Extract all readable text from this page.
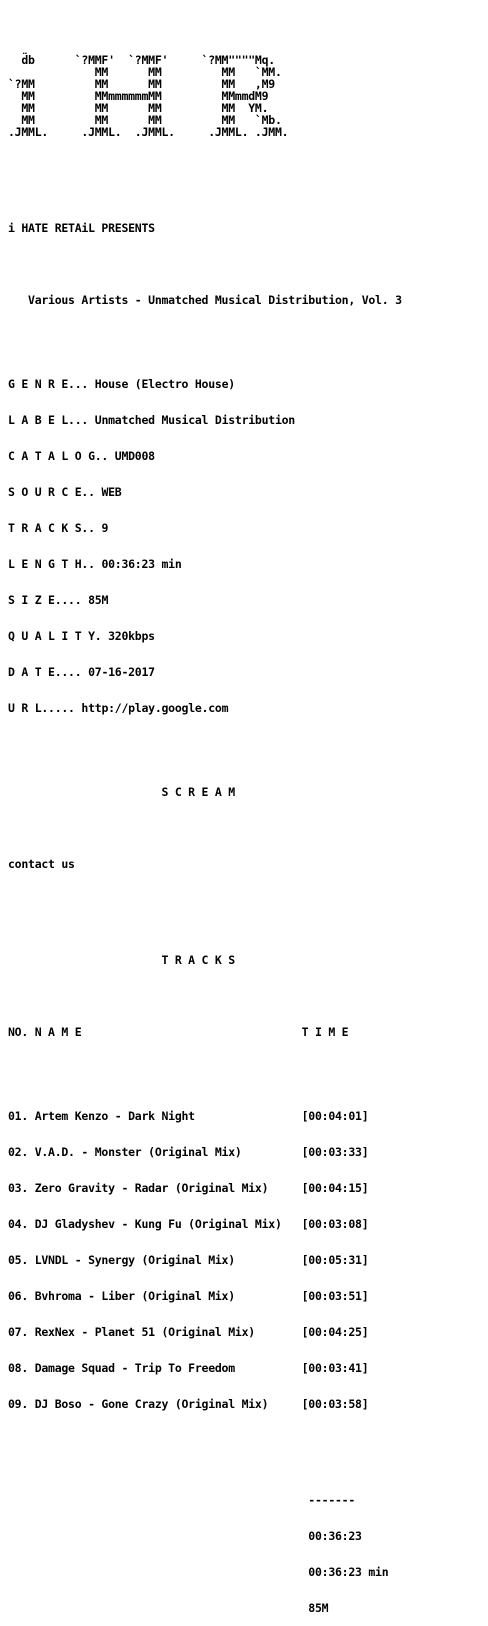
d̈b      `?MMF'  `?MMF'     `?MM""""Mq.
MM      MM         MM   `MM.
`?MM         MM      MM         MM   ,M9
MM         MMmmmmmmMM         MMmmdM9
MM         MM      MM         MM  YM.
MM         MM      MM         MM   `Mb.
.JMML.     .JMML.  .JMML.     .JMML. .JMM.

i HATE RETAiL PRESENTS

Various Artists - Unmatched Musical Distribution, Vol. 3

G E N R E... House (Electro House)

L A B E L... Unmatched Musical Distribution

C A T A L O G.. UMD008

S O U R C E.. WEB

T R A C K S.. 9

L E N G T H.. 00:36:23 min

S I Z E.... 85M

Q U A L I T Y. 320kbps

D A T E.... 07-16-2017

U R L..... http://play.google.com

S C R E A M

contact us

T R A C K S

NO. N A M E                                 T I M E

01. Artem Kenzo - Dark Night                [00:04:01]

02. V.A.D. - Monster (Original Mix)         [00:03:33]

03. Zero Gravity - Radar (Original Mix)     [00:04:15]

04. DJ Gladyshev - Kung Fu (Original Mix)   [00:03:08]

05. LVNDL - Synergy (Original Mix)          [00:05:31]

06. Bvhroma - Liber (Original Mix)          [00:03:51]

07. RexNex - Planet 51 (Original Mix)       [00:04:25]

08. Damage Squad - Trip To Freedom          [00:03:41]

09. DJ Boso - Gone Crazy (Original Mix)     [00:03:58]

-------

00:36:23

00:36:23 min

85M
